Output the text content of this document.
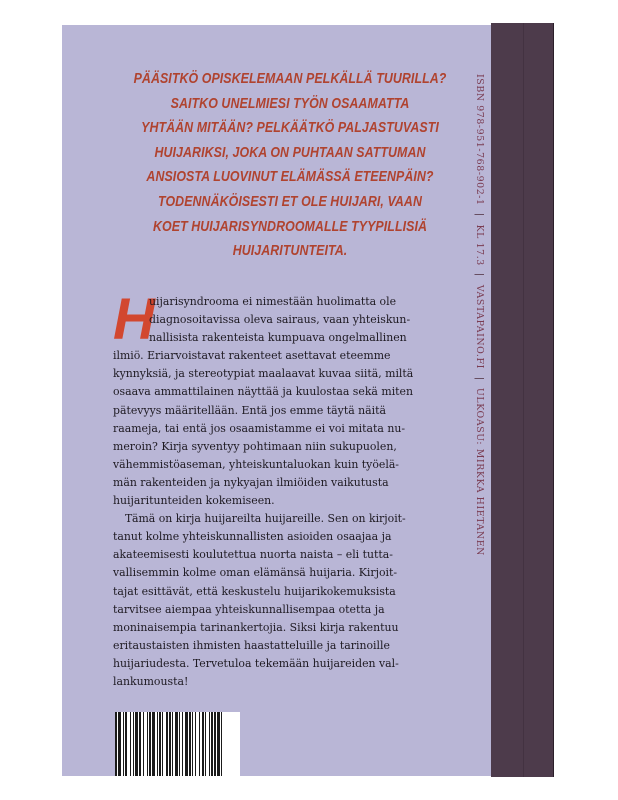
PÄÄSITKÖ OPISKELEMAAN PELKÄLLÄ TUURILLA?
SAITKO UNELMIESI TYÖN OSAAMATTA
YHTÄÄN MITÄÄN? PELKÄÄTKÖ PALJASTUVASTI
HUIJARIKSI, JOKA ON PUHTAAN SATTUMAN
ANSIOSTA LUOVINUT ELÄMÄSSÄ ETEENPÄIN?
TODENNÄKÖISESTI ET OLE HUIJARI, VAAN
KOET HUIJARISYNDROOMALLE TYYPILLISIÄ
HUIJARITUNTEITA.
H
uijarisyndrooma ei nimestään huolimatta ole
diagnosoitavissa oleva sairaus, vaan yhteiskun-
nallisista rakenteista kumpuava ongelmallinen
ilmiö. Eriarvoistavat rakenteet asettavat eteemme
kynnyksiä, ja stereotypiat maalaavat kuvaa siitä, miltä
osaava ammattilainen näyttää ja kuulostaa sekä miten
pätevyys määritellään. Entä jos emme täytä näitä
raameja, tai entä jos osaamistamme ei voi mitata nu-
meroin? Kirja syventyy pohtimaan niin sukupuolen,
vähemmistöaseman, yhteiskuntaluokan kuin työelä-
män rakenteiden ja nykyajan ilmiöiden vaikutusta
huijaritunteiden kokemiseen.
Tämä on kirja huijareilta huijareille. Sen on kirjoit-
tanut kolme yhteiskunnallisten asioiden osaajaa ja
akateemisesti koulutettua nuorta naista – eli tutta-
vallisemmin kolme oman elämänsä huijaria. Kirjoit-
tajat esittävät, että keskustelu huijarikokemuksista
tarvitsee aiempaa yhteiskunnallisempaa otetta ja
moninaisempia tarinankertojia. Siksi kirja rakentuu
eritaustaisten ihmisten haastatteluille ja tarinoille
huijariudesta. Tervetuloa tekemään huijareiden val-
lankumousta!
ISBN 978-951-768-902-1 | KL 17.3 | VASTAPAINO.FI | ULKOASU: MIRKKA HIETANEN
